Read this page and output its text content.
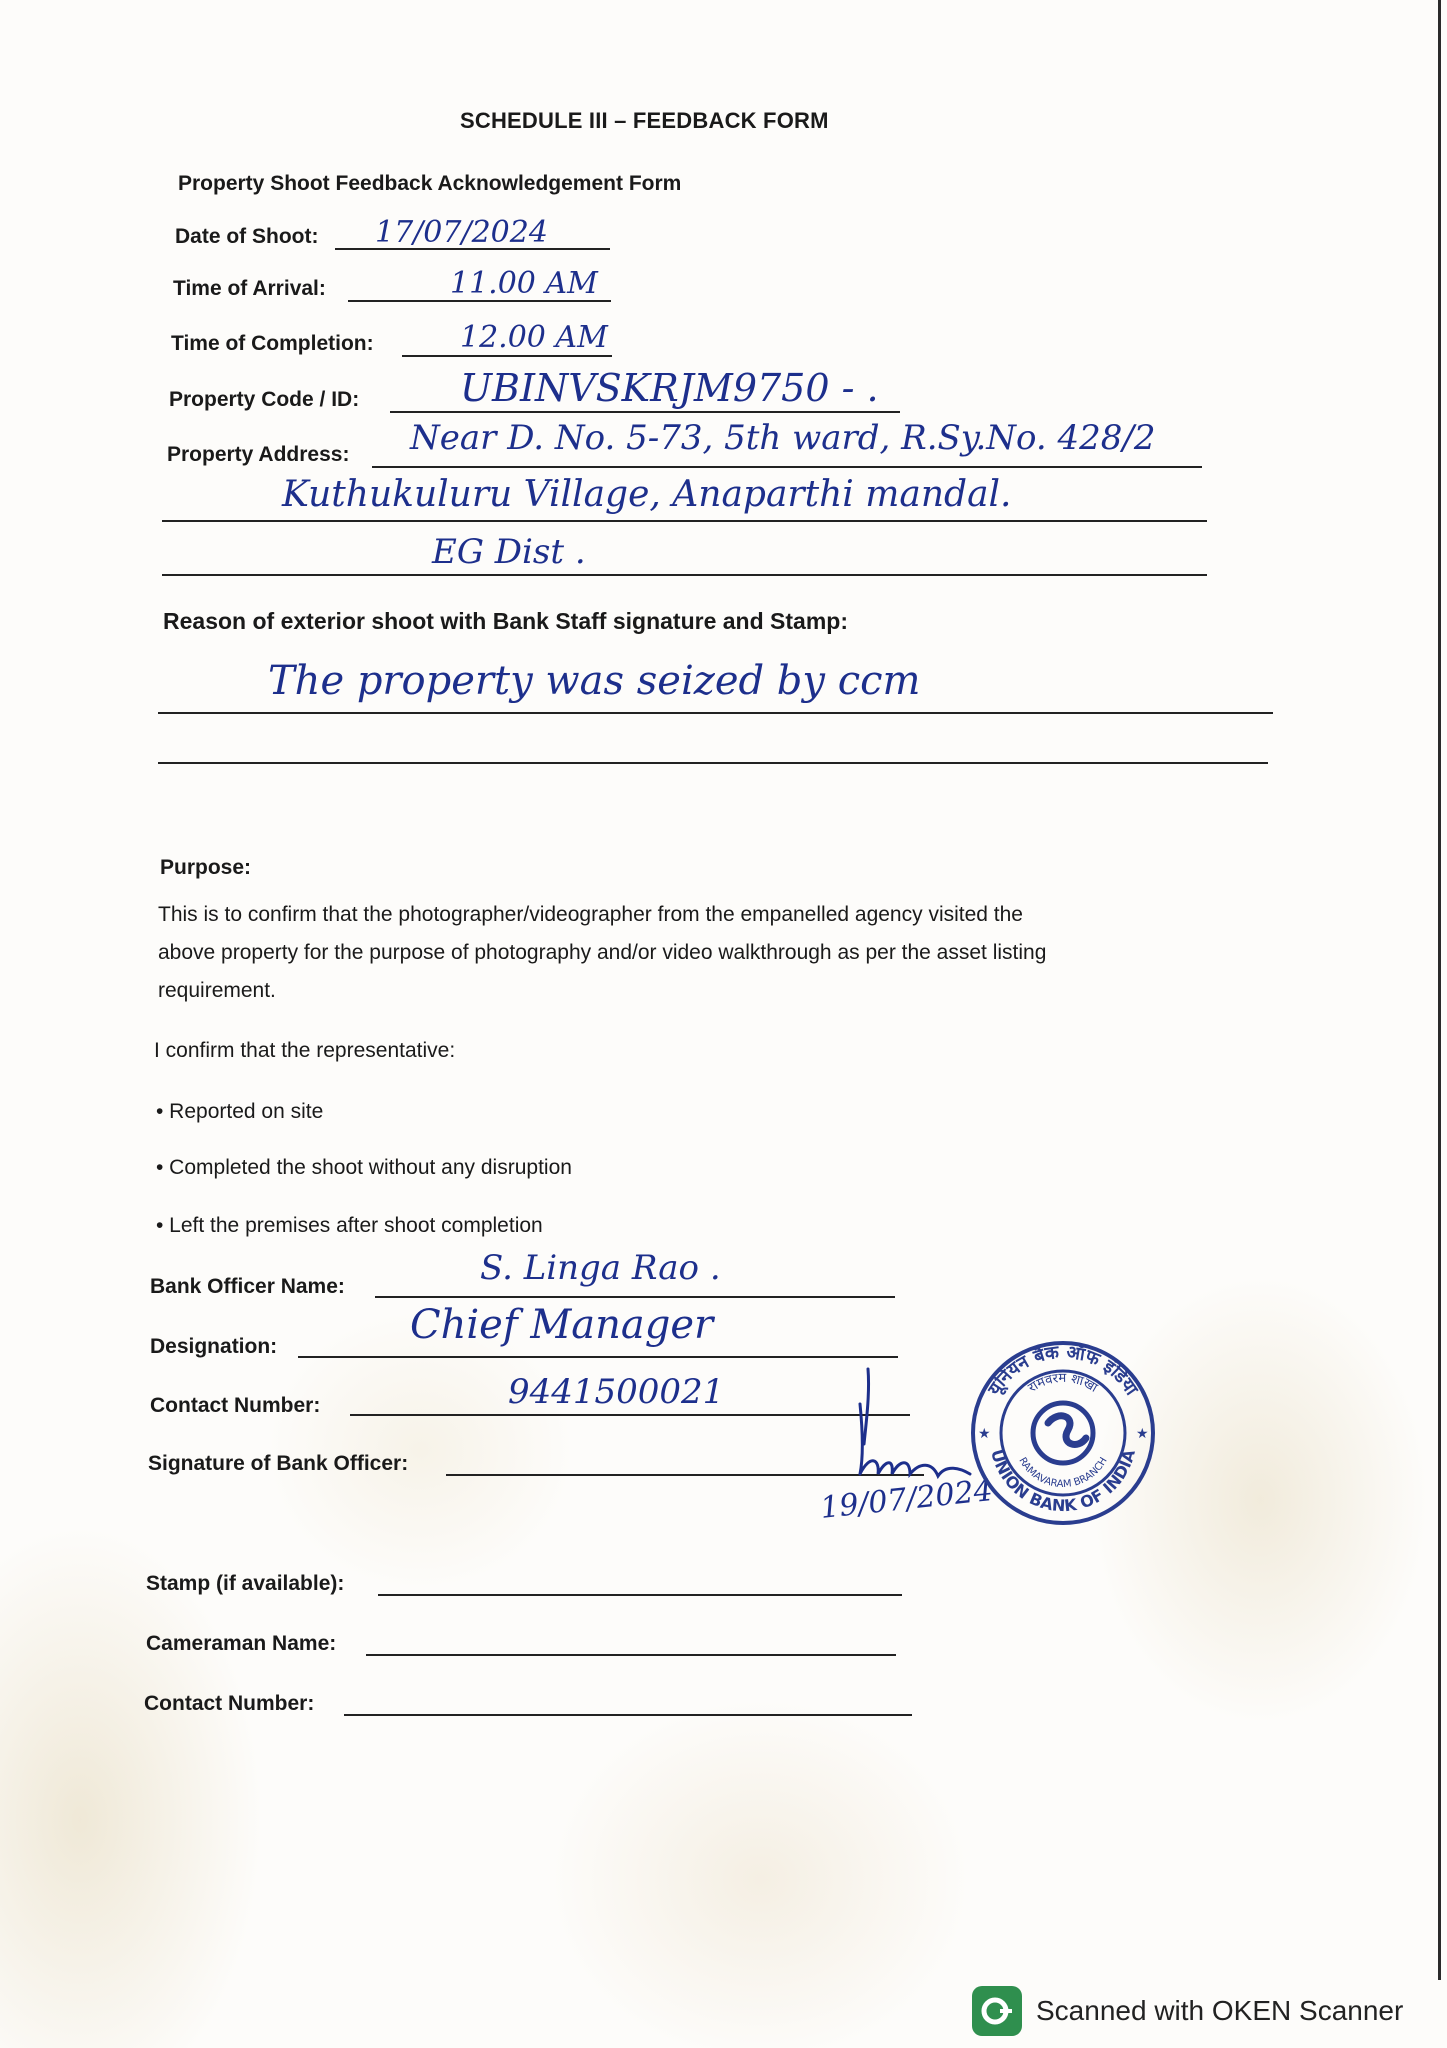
SCHEDULE III – FEEDBACK FORM
Property Shoot Feedback Acknowledgement Form
Date of Shoot: 17/07/2024
Time of Arrival:	11.00 AM
Time of Completion:	12.00 AM
Property Code / ID:	UBINVSKRJM9750 - .
Property Address: Near D. No. 5-73, 5th ward, R.Sy.No. 428/2
Kuthukuluru Village, Anaparthi mandal.
EG Dist .
Reason of exterior shoot with Bank Staff signature and Stamp:
The property was seized by ccm
Purpose:
This is to confirm that the photographer/videographer from the empanelled agency visited the
above property for the purpose of photography and/or video walkthrough as per the asset listing
requirement.
I confirm that the representative:
• Reported on site
• Completed the shoot without any disruption
• Left the premises after shoot completion
Bank Officer Name:	S. Linga Rao .
Designation:	Chief Manager
Contact Number:	9441500021
Signature of Bank Officer:
19/07/2024
यूनियन बैंक ऑफ इंडिया
UNION BANK OF INDIA
रामवरम शाखा
RAMAVARAM BRANCH
★	★
Stamp (if available):
Cameraman Name:
Contact Number:
Scanned with OKEN Scanner
